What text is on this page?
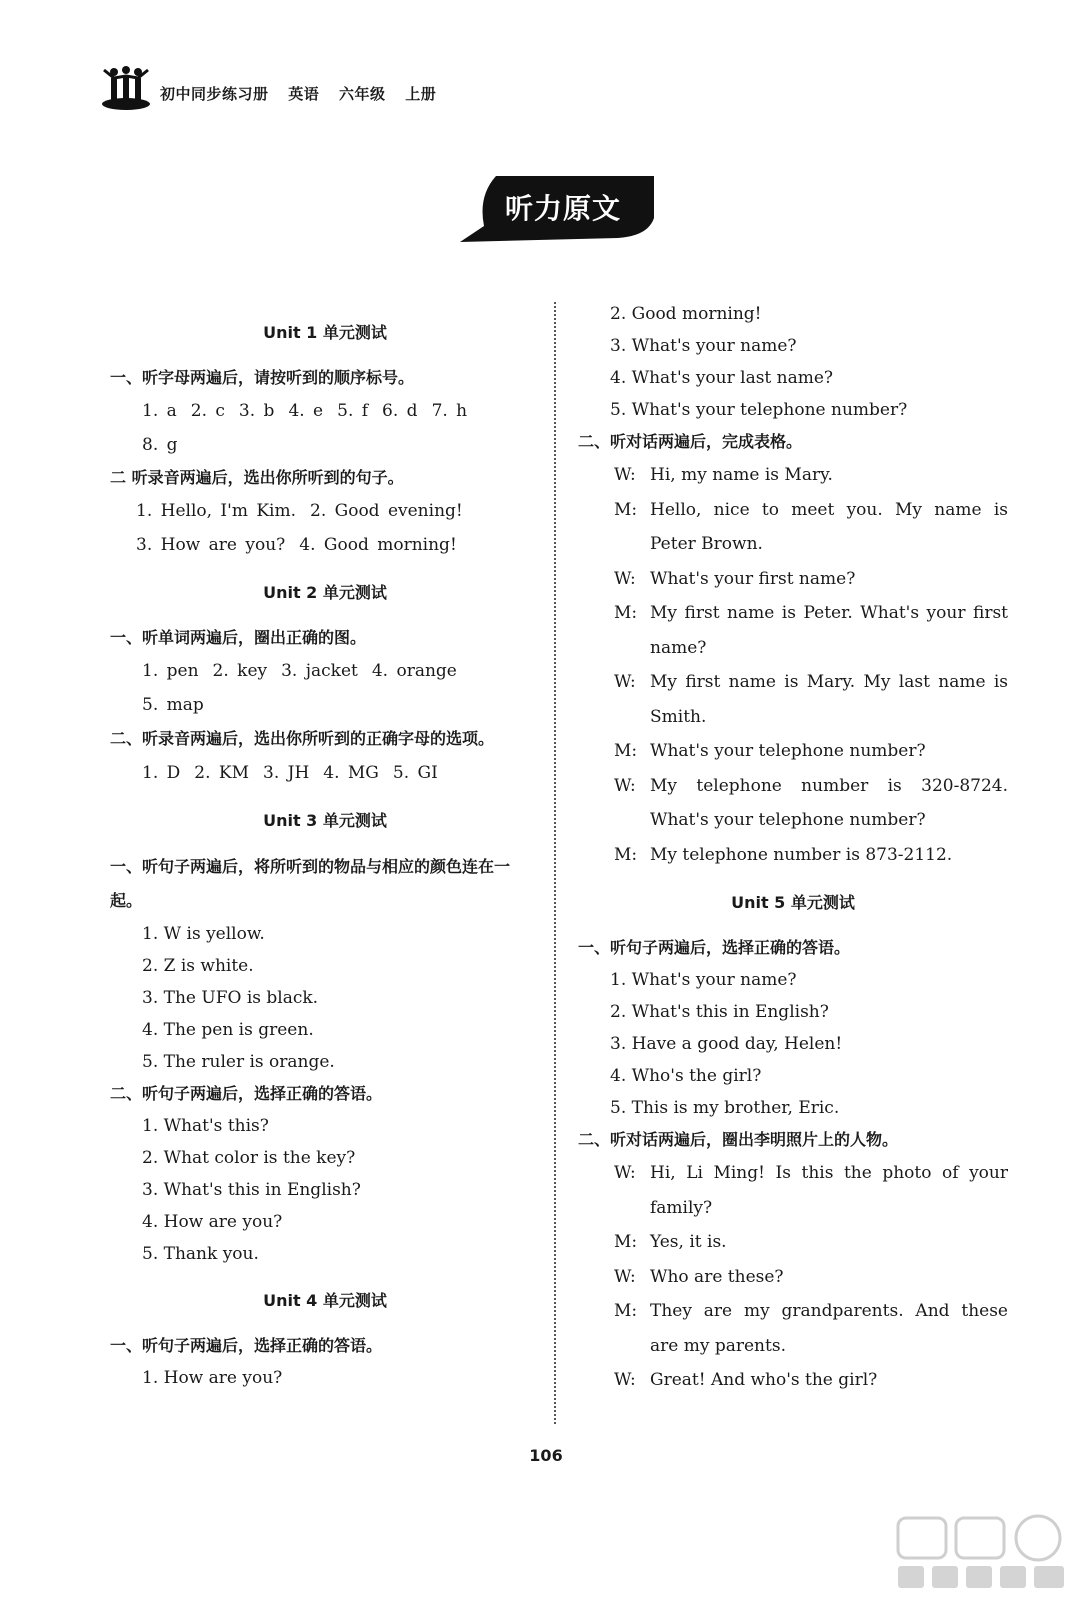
初中同步练习册 英语 六年级 上册
听力原文
Unit 1 单元测试
一、听字母两遍后，请按听到的顺序标号。
1. a 2. c 3. b 4. e 5. f 6. d 7. h
8. g
二 听录音两遍后，选出你所听到的句子。
1. Hello, I'm Kim. 2. Good evening!
3. How are you? 4. Good morning!
Unit 2 单元测试
一、听单词两遍后，圈出正确的图。
1. pen 2. key 3. jacket 4. orange
5. map
二、听录音两遍后，选出你所听到的正确字母的选项。
1. D 2. KM 3. JH 4. MG 5. GI
Unit 3 单元测试
一、听句子两遍后，将所听到的物品与相应的颜色连在一起。
1. W is yellow.
2. Z is white.
3. The UFO is black.
4. The pen is green.
5. The ruler is orange.
二、听句子两遍后，选择正确的答语。
1. What's this?
2. What color is the key?
3. What's this in English?
4. How are you?
5. Thank you.
Unit 4 单元测试
一、听句子两遍后，选择正确的答语。
1. How are you?
2. Good morning!
3. What's your name?
4. What's your last name?
5. What's your telephone number?
二、听对话两遍后，完成表格。
W: Hi, my name is Mary.
M: Hello, nice to meet you. My name is Peter Brown.
W: What's your first name?
M: My first name is Peter. What's your first name?
W: My first name is Mary. My last name is Smith.
M: What's your telephone number?
W: My telephone number is 320-8724. What's your telephone number?
M: My telephone number is 873-2112.
Unit 5 单元测试
一、听句子两遍后，选择正确的答语。
1. What's your name?
2. What's this in English?
3. Have a good day, Helen!
4. Who's the girl?
5. This is my brother, Eric.
二、听对话两遍后，圈出李明照片上的人物。
W: Hi, Li Ming! Is this the photo of your family?
M: Yes, it is.
W: Who are these?
M: They are my grandparents. And these are my parents.
W: Great! And who's the girl?
106
